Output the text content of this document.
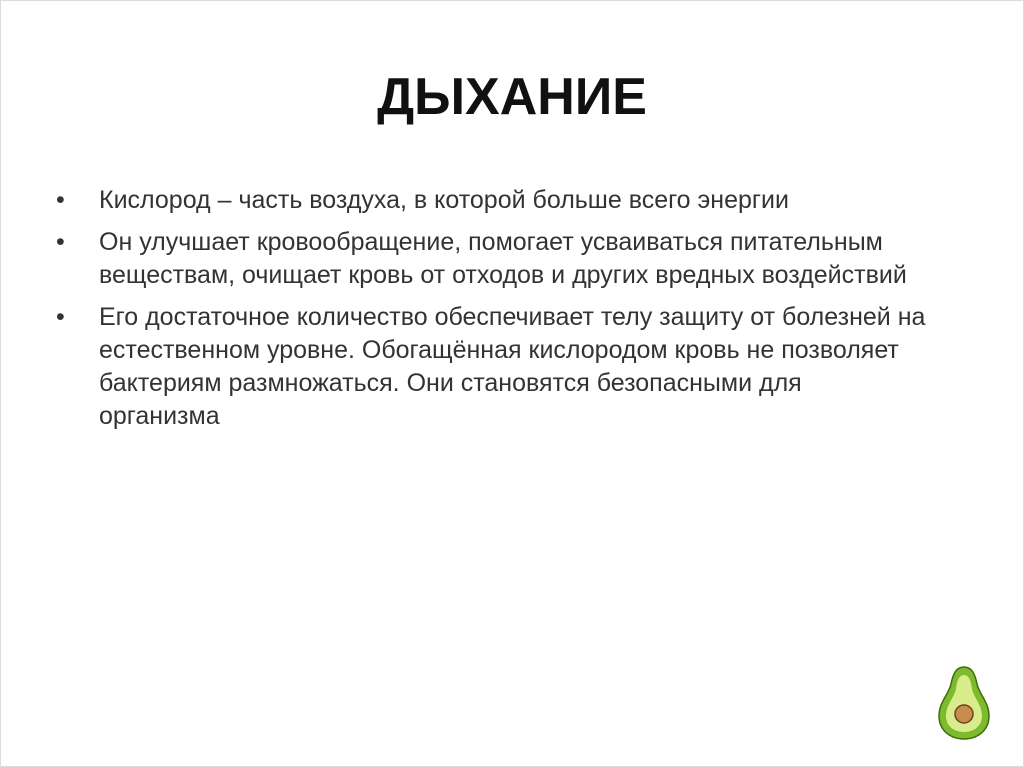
ДЫХАНИЕ
• Кислород – часть воздуха, в которой больше всего энергии
• Он улучшает кровообращение, помогает усваиваться питательным
веществам, очищает кровь от отходов и других вредных воздействий
• Его достаточное количество обеспечивает телу защиту от болезней на
естественном уровне. Обогащённая кислородом кровь не позволяет
бактериям размножаться. Они становятся безопасными для
организма
